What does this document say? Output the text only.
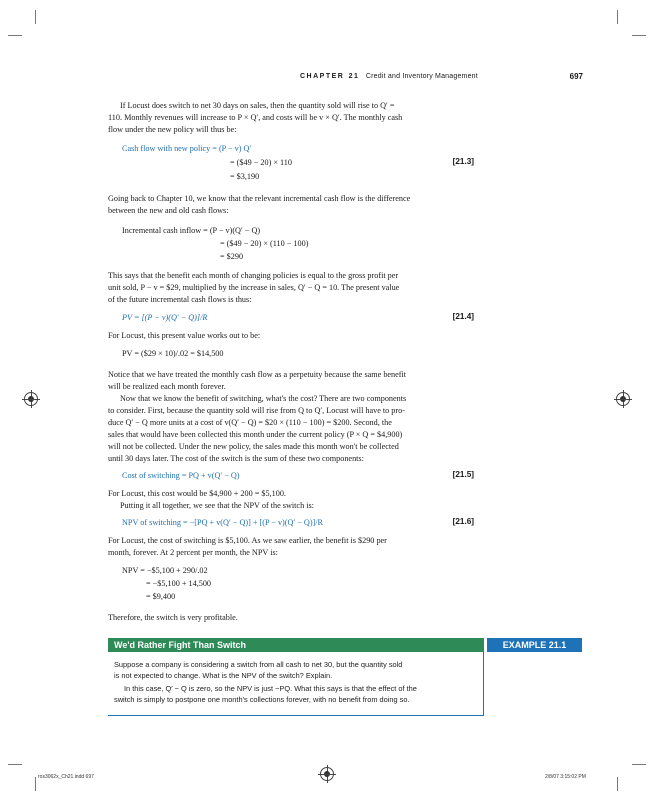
CHAPTER 21 Credit and Inventory Management	697
If Locust does switch to net 30 days on sales, then the quantity sold will rise to Q′ =
110. Monthly revenues will increase to P × Q′, and costs will be v × Q′. The monthly cash
flow under the new policy will thus be:
Cash flow with new policy = (P − v) Q′
= ($49 − 20) × 110	[21.3]
= $3,190
Going back to Chapter 10, we know that the relevant incremental cash flow is the difference
between the new and old cash flows:
Incremental cash inflow = (P − v)(Q′ − Q)
= ($49 − 20) × (110 − 100)
= $290
This says that the benefit each month of changing policies is equal to the gross profit per
unit sold, P − v = $29, multiplied by the increase in sales, Q′ − Q = 10. The present value
of the future incremental cash flows is thus:
PV = [(P − v)(Q′ − Q)]/R	[21.4]
For Locust, this present value works out to be:
PV = ($29 × 10)/.02 = $14,500
Notice that we have treated the monthly cash flow as a perpetuity because the same benefit
will be realized each month forever.
Now that we know the benefit of switching, what's the cost? There are two components
to consider. First, because the quantity sold will rise from Q to Q′, Locust will have to pro-
duce Q′ − Q more units at a cost of v(Q′ − Q) = $20 × (110 − 100) = $200. Second, the
sales that would have been collected this month under the current policy (P × Q = $4,900)
will not be collected. Under the new policy, the sales made this month won't be collected
until 30 days later. The cost of the switch is the sum of these two components:
Cost of switching = PQ + v(Q′ − Q)	[21.5]
For Locust, this cost would be $4,900 + 200 = $5,100.
Putting it all together, we see that the NPV of the switch is:
NPV of switching = −[PQ + v(Q′ − Q)] + [(P − v)(Q′ − Q)]/R	[21.6]
For Locust, the cost of switching is $5,100. As we saw earlier, the benefit is $290 per
month, forever. At 2 percent per month, the NPV is:
NPV = −$5,100 + 290/.02
= −$5,100 + 14,500
= $9,400
Therefore, the switch is very profitable.
We'd Rather Fight Than Switch	EXAMPLE 21.1
Suppose a company is considering a switch from all cash to net 30, but the quantity sold
is not expected to change. What is the NPV of the switch? Explain.
In this case, Q′ − Q is zero, so the NPV is just −PQ. What this says is that the effect of the
switch is simply to postpone one month's collections forever, with no benefit from doing so.
ros3062x_Ch21.indd 697	2/8/07 3:15:02 PM
